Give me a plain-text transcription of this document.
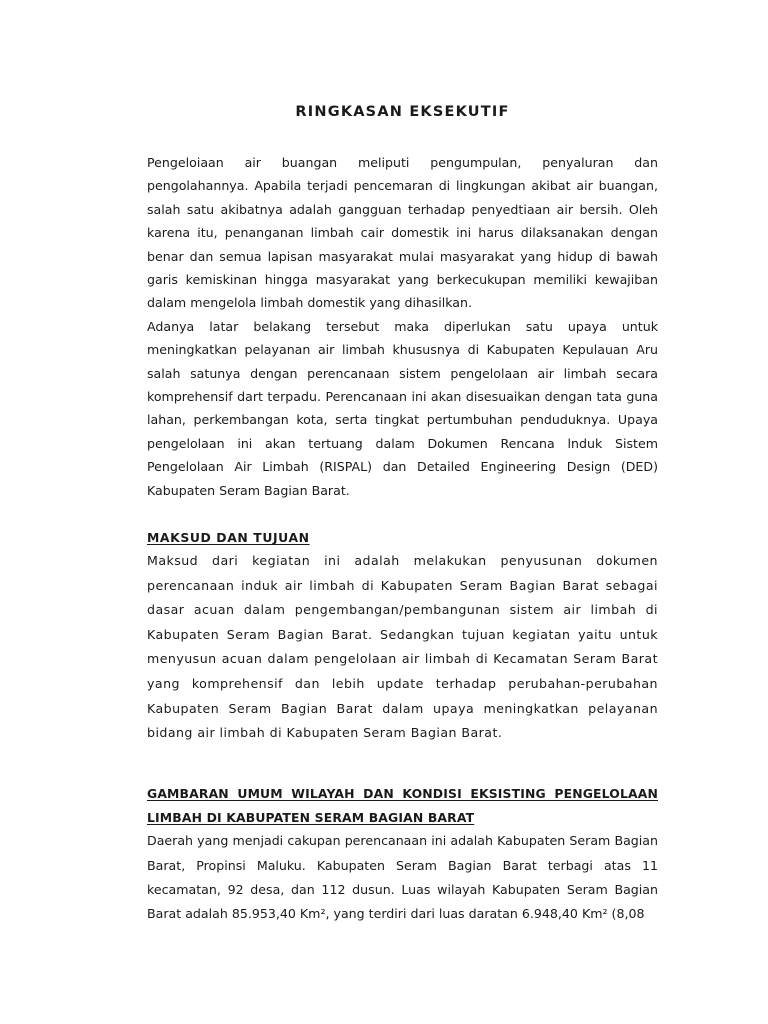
RINGKASAN EKSEKUTIF

Pengeloiaan air buangan meliputi pengumpulan, penyaluran dan pengolahannya. Apabila terjadi pencemaran di lingkungan akibat air buangan, salah satu akibatnya adalah gangguan terhadap penyedtiaan air bersih. Oleh karena itu, penanganan limbah cair domestik ini harus dilaksanakan dengan benar dan semua lapisan masyarakat mulai masyarakat yang hidup di bawah garis kemiskinan hingga masyarakat yang berkecukupan memiliki kewajiban dalam mengelola limbah domestik yang dihasilkan.

Adanya latar belakang tersebut maka diperlukan satu upaya untuk meningkatkan pelayanan air limbah khususnya di Kabupaten Kepulauan Aru salah satunya dengan perencanaan sistem pengelolaan air limbah secara komprehensif dart terpadu. Perencanaan ini akan disesuaikan dengan tata guna lahan, perkembangan kota, serta tingkat pertumbuhan penduduknya. Upaya pengelolaan ini akan tertuang dalam Dokumen Rencana lnduk Sistem Pengelolaan Air Limbah (RISPAL) dan Detailed Engineering Design (DED) Kabupaten Seram Bagian Barat.

MAKSUD DAN TUJUAN

Maksud dari kegiatan ini adalah melakukan penyusunan dokumen perencanaan induk air limbah di Kabupaten Seram Bagian Barat sebagai dasar acuan dalam pengembangan/pembangunan sistem air limbah di Kabupaten Seram Bagian Barat. Sedangkan tujuan kegiatan yaitu untuk menyusun acuan dalam pengelolaan air limbah di Kecamatan Seram Barat yang komprehensif dan lebih update terhadap perubahan-perubahan Kabupaten Seram Bagian Barat dalam upaya meningkatkan pelayanan bidang air limbah di Kabupaten Seram Bagian Barat.

GAMBARAN UMUM WILAYAH DAN KONDISI EKSISTING PENGELOLAAN LIMBAH DI KABUPATEN SERAM BAGIAN BARAT

Daerah yang menjadi cakupan perencanaan ini adalah Kabupaten Seram Bagian Barat, Propinsi Maluku. Kabupaten Seram Bagian Barat terbagi atas 11 kecamatan, 92 desa, dan 112 dusun. Luas wilayah Kabupaten Seram Bagian Barat adalah 85.953,40 Km², yang terdiri dari luas daratan 6.948,40 Km² (8,08
